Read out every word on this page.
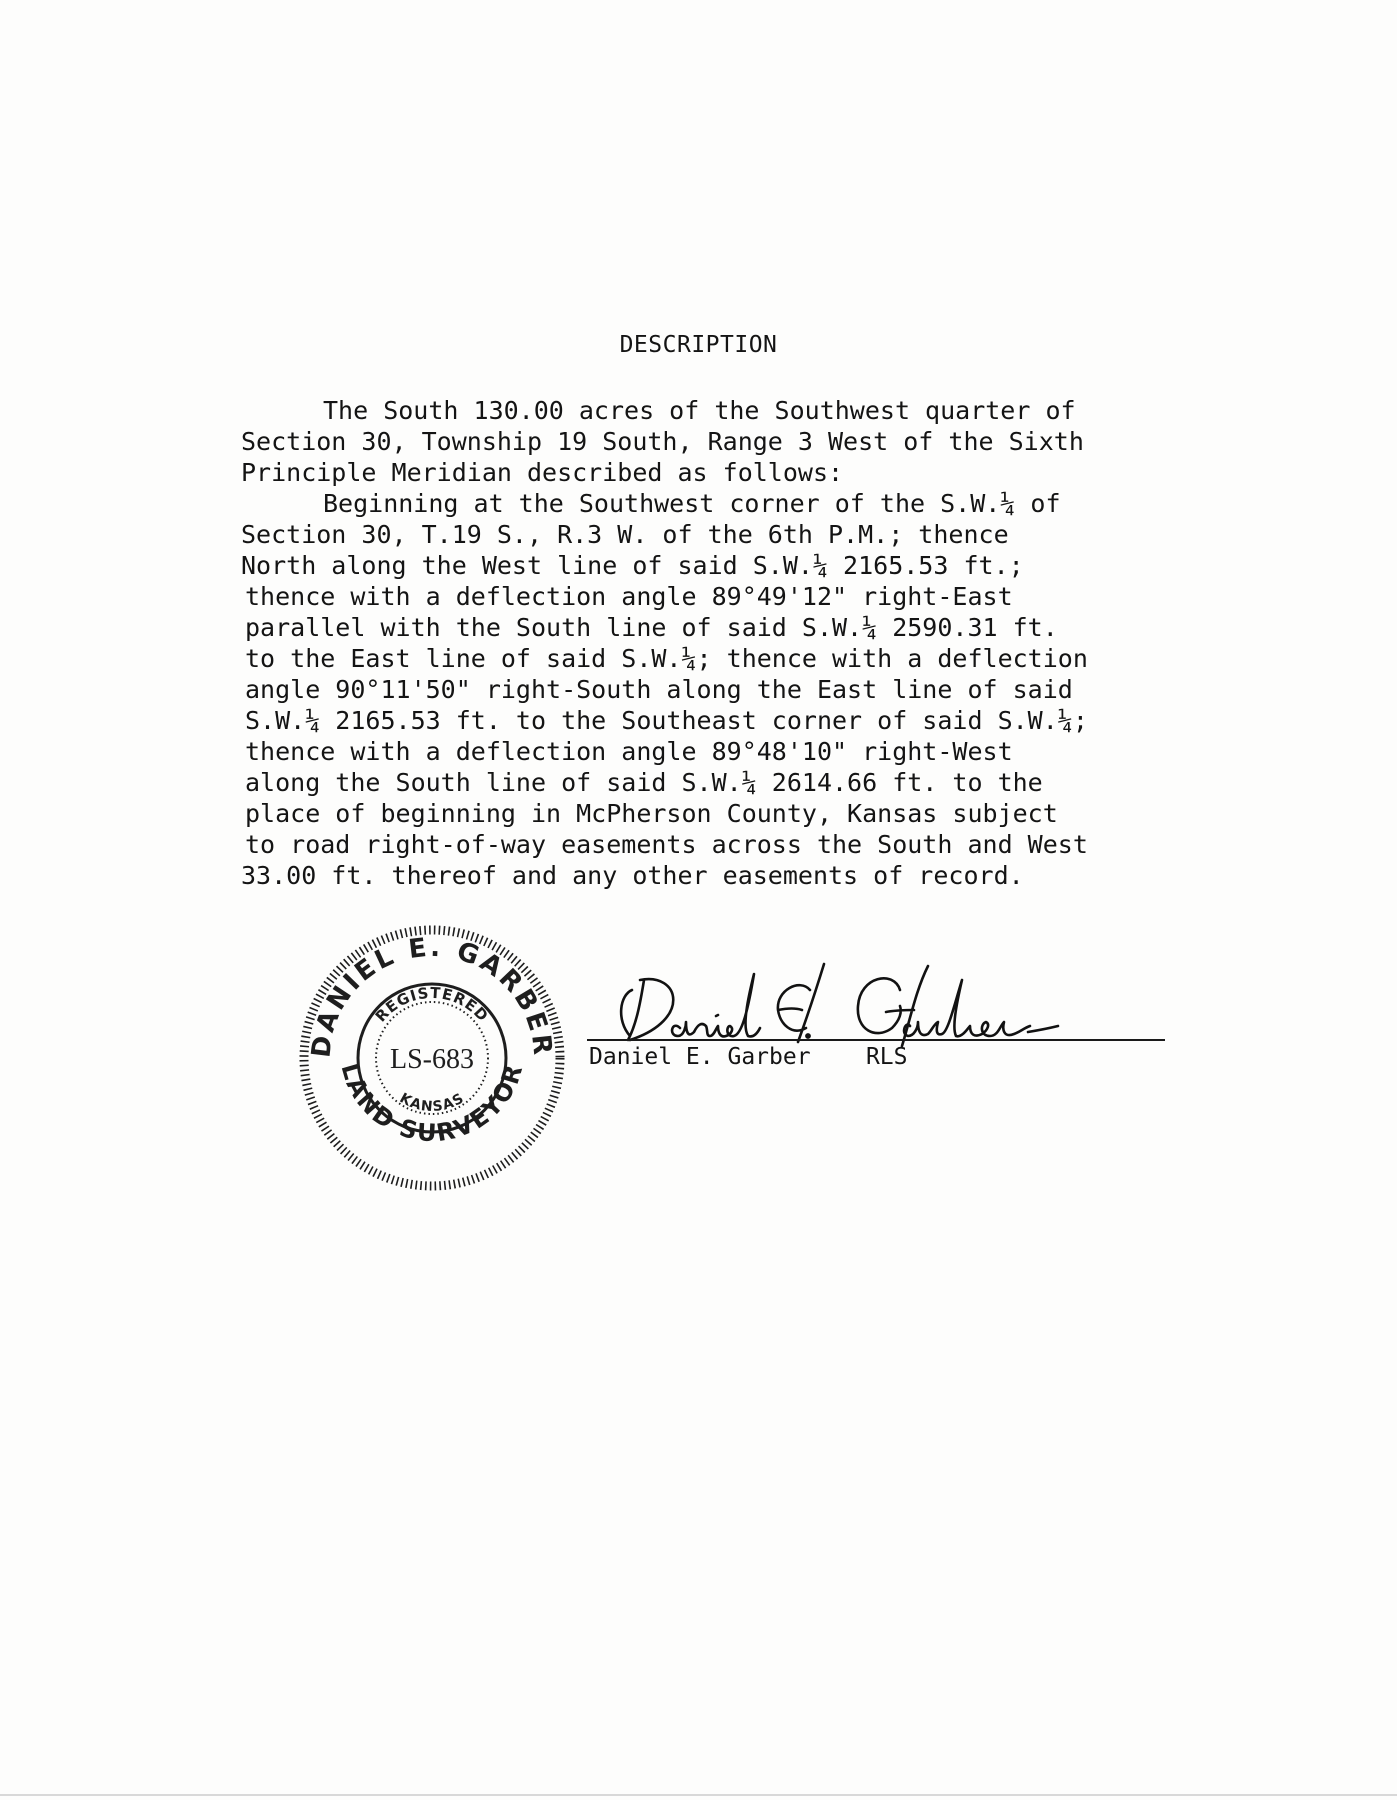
DESCRIPTION
The South 130.00 acres of the Southwest quarter of
Section 30, Township 19 South, Range 3 West of the Sixth
Principle Meridian described as follows:
Beginning at the Southwest corner of the S.W.¼ of
Section 30, T.19 S., R.3 W. of the 6th P.M.; thence
North along the West line of said S.W.¼ 2165.53 ft.;
thence with a deflection angle 89°49'12" right-East
parallel with the South line of said S.W.¼ 2590.31 ft.
to the East line of said S.W.¼; thence with a deflection
angle 90°11'50" right-South along the East line of said
S.W.¼ 2165.53 ft. to the Southeast corner of said S.W.¼;
thence with a deflection angle 89°48'10" right-West
along the South line of said S.W.¼ 2614.66 ft. to the
place of beginning in McPherson County, Kansas subject
to road right-of-way easements across the South and West
33.00 ft. thereof and any other easements of record.
DANIEL E. GARBER
LAND SURVEYOR
REGISTERED
KANSAS
LS-683	Daniel E. Garber RLS
